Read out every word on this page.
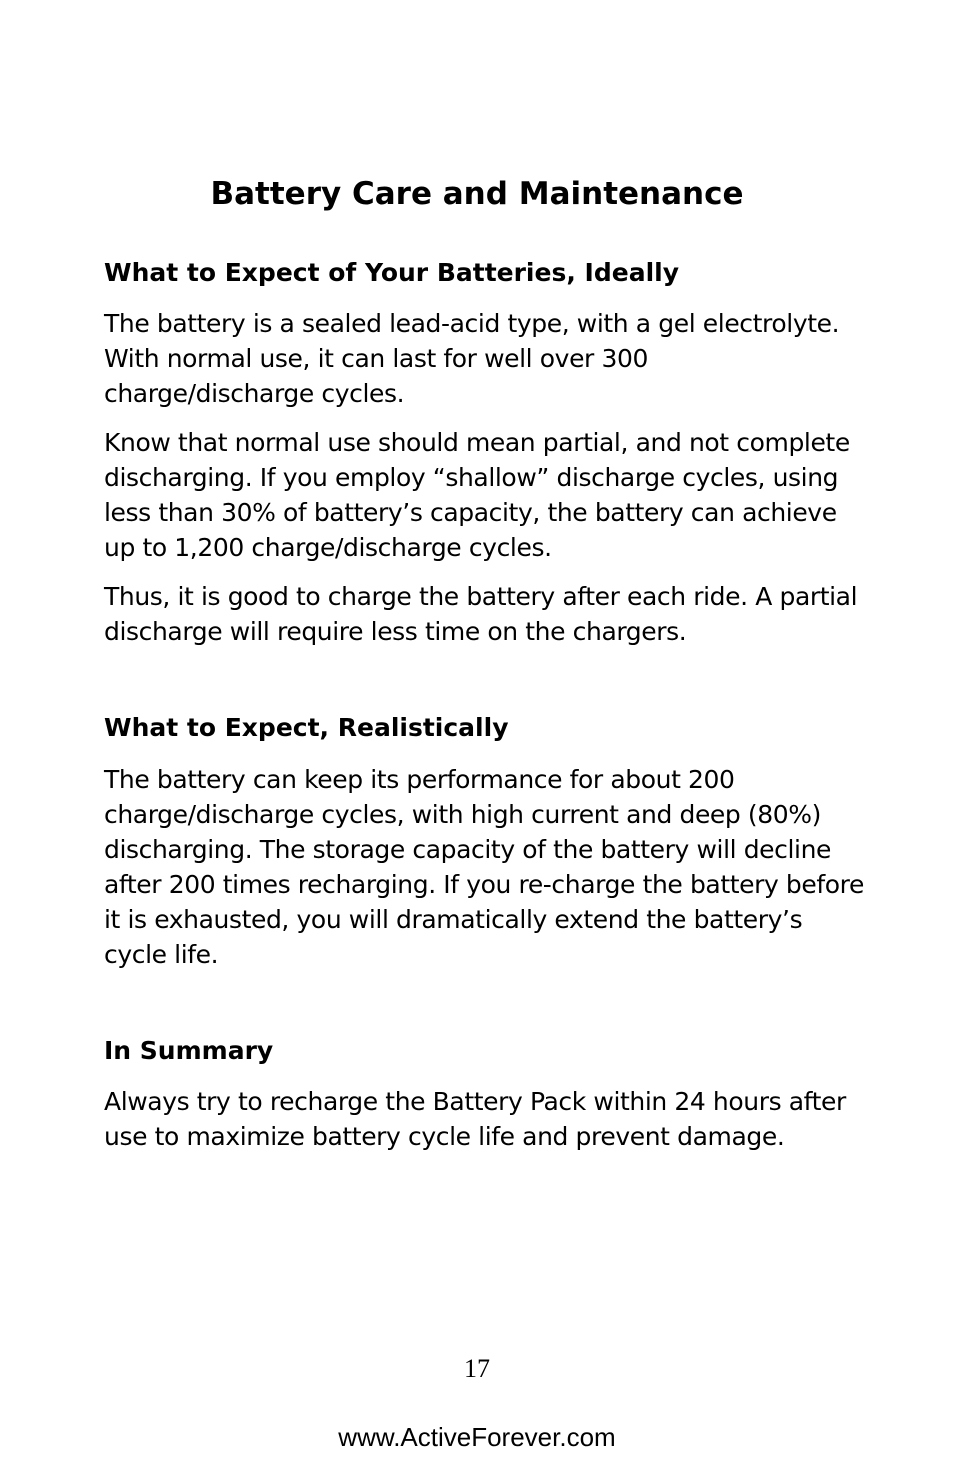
Battery Care and Maintenance
What to Expect of Your Batteries, Ideally

The battery is a sealed lead-acid type, with a gel electrolyte. With normal use, it can last for well over 300 charge/discharge cycles.

Know that normal use should mean partial, and not complete discharging. If you employ “shallow” discharge cycles, using less than 30% of battery’s capacity, the battery can achieve up to 1,200 charge/discharge cycles.

Thus, it is good to charge the battery after each ride. A partial discharge will require less time on the chargers.

What to Expect, Realistically

The battery can keep its performance for about 200 charge/discharge cycles, with high current and deep (80%) discharging. The storage capacity of the battery will decline after 200 times recharging. If you re-charge the battery before it is exhausted, you will dramatically extend the battery’s cycle life.

In Summary

Always try to recharge the Battery Pack within 24 hours after use to maximize battery cycle life and prevent damage.

17
www.ActiveForever.com
